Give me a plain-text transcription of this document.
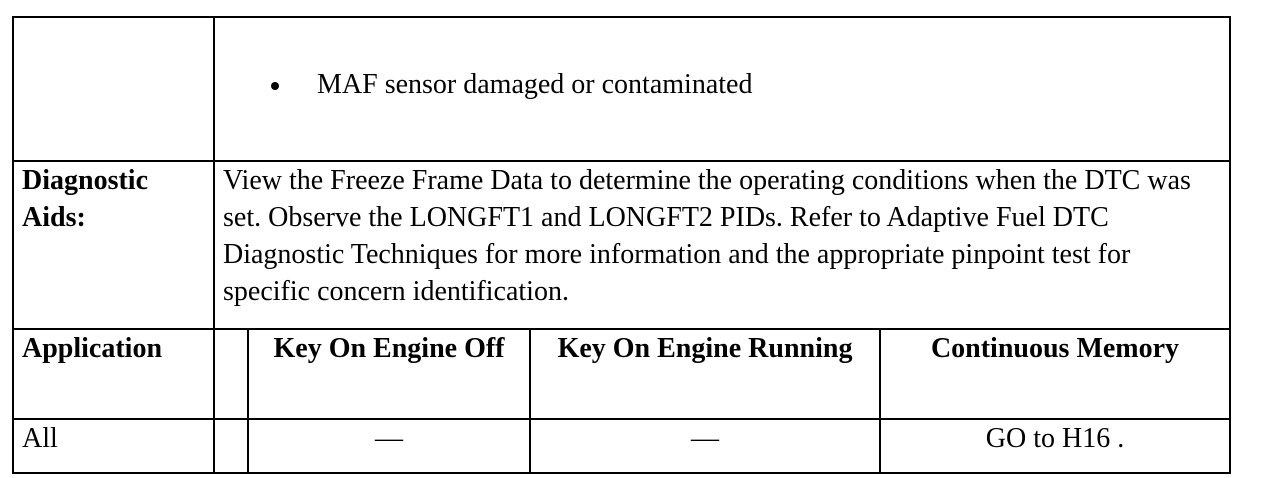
	MAF sensor damaged or contaminated			

Diagnostic Aids:	View the Freeze Frame Data to determine the operating conditions when the DTC was set. Observe the LONGFT1 and LONGFT2 PIDs. Refer to Adaptive Fuel DTC Diagnostic Techniques for more information and the appropriate pinpoint test for specific concern identification.			
Application		Key On Engine Off	Key On Engine Running	Continuous Memory
All		—	—	GO to H16 .
